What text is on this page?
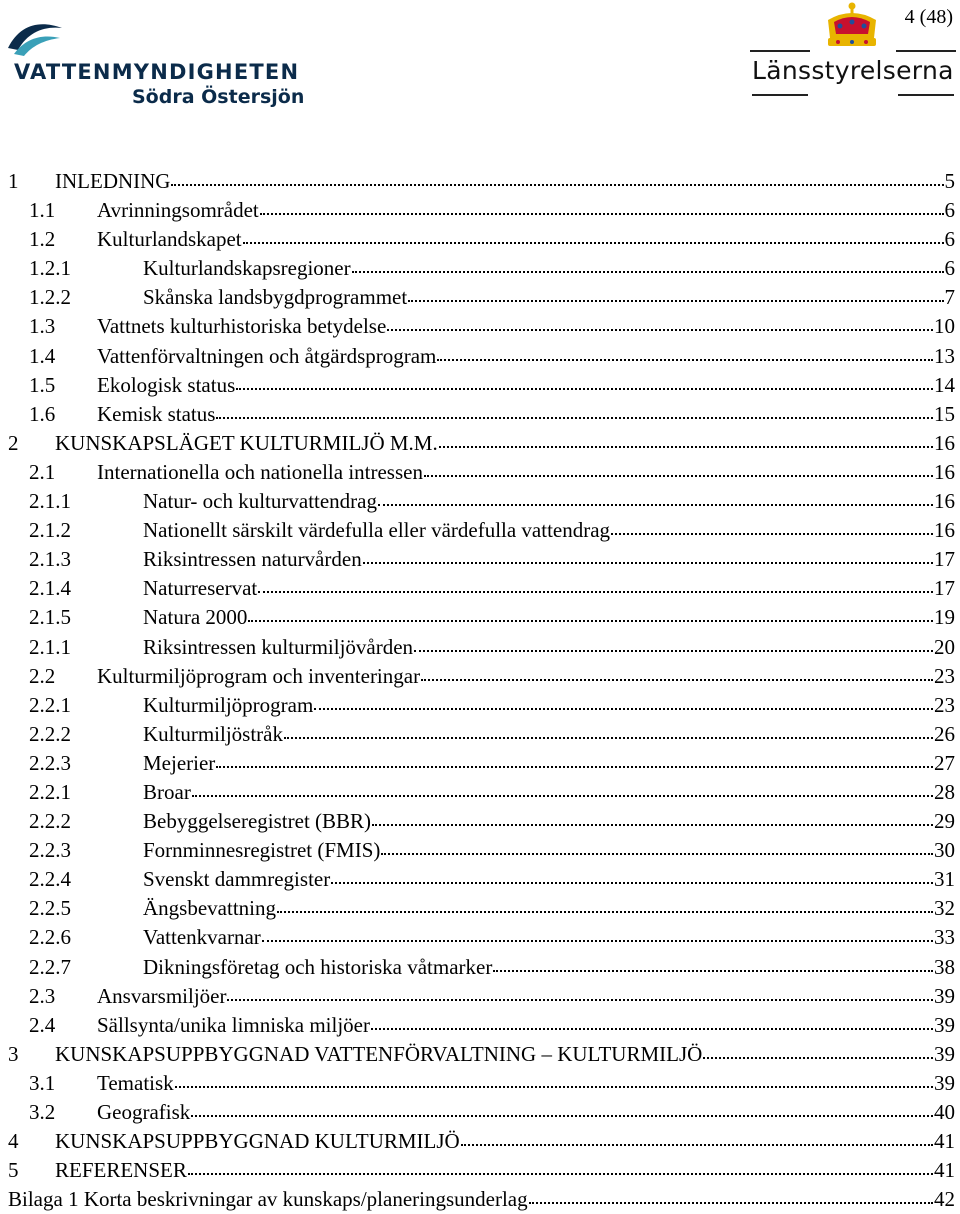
VATTENMYNDIGHETEN
Södra Östersjön
4 (48)
Länsstyrelserna
1	INLEDNING	5
1.1	Avrinningsområdet	6
1.2	Kulturlandskapet	6
1.2.1	Kulturlandskapsregioner	6
1.2.2	Skånska landsbygdprogrammet	7
1.3	Vattnets kulturhistoriska betydelse	10
1.4	Vattenförvaltningen och åtgärdsprogram	13
1.5	Ekologisk status	14
1.6	Kemisk status	15
2	KUNSKAPSLÄGET KULTURMILJÖ M.M.	16
2.1	Internationella och nationella intressen	16
2.1.1	Natur- och kulturvattendrag	16
2.1.2	Nationellt särskilt värdefulla eller värdefulla vattendrag	16
2.1.3	Riksintressen naturvården	17
2.1.4	Naturreservat	17
2.1.5	Natura 2000	19
2.1.1	Riksintressen kulturmiljövården	20
2.2	Kulturmiljöprogram och inventeringar	23
2.2.1	Kulturmiljöprogram	23
2.2.2	Kulturmiljöstråk	26
2.2.3	Mejerier	27
2.2.1	Broar	28
2.2.2	Bebyggelseregistret (BBR)	29
2.2.3	Fornminnesregistret (FMIS)	30
2.2.4	Svenskt dammregister	31
2.2.5	Ängsbevattning	32
2.2.6	Vattenkvarnar	33
2.2.7	Dikningsföretag och historiska våtmarker	38
2.3	Ansvarsmiljöer	39
2.4	Sällsynta/unika limniska miljöer	39
3	KUNSKAPSUPPBYGGNAD VATTENFÖRVALTNING – KULTURMILJÖ	39
3.1	Tematisk	39
3.2	Geografisk	40
4	KUNSKAPSUPPBYGGNAD KULTURMILJÖ	41
5	REFERENSER	41
Bilaga 1 Korta beskrivningar av kunskaps/planeringsunderlag	42
